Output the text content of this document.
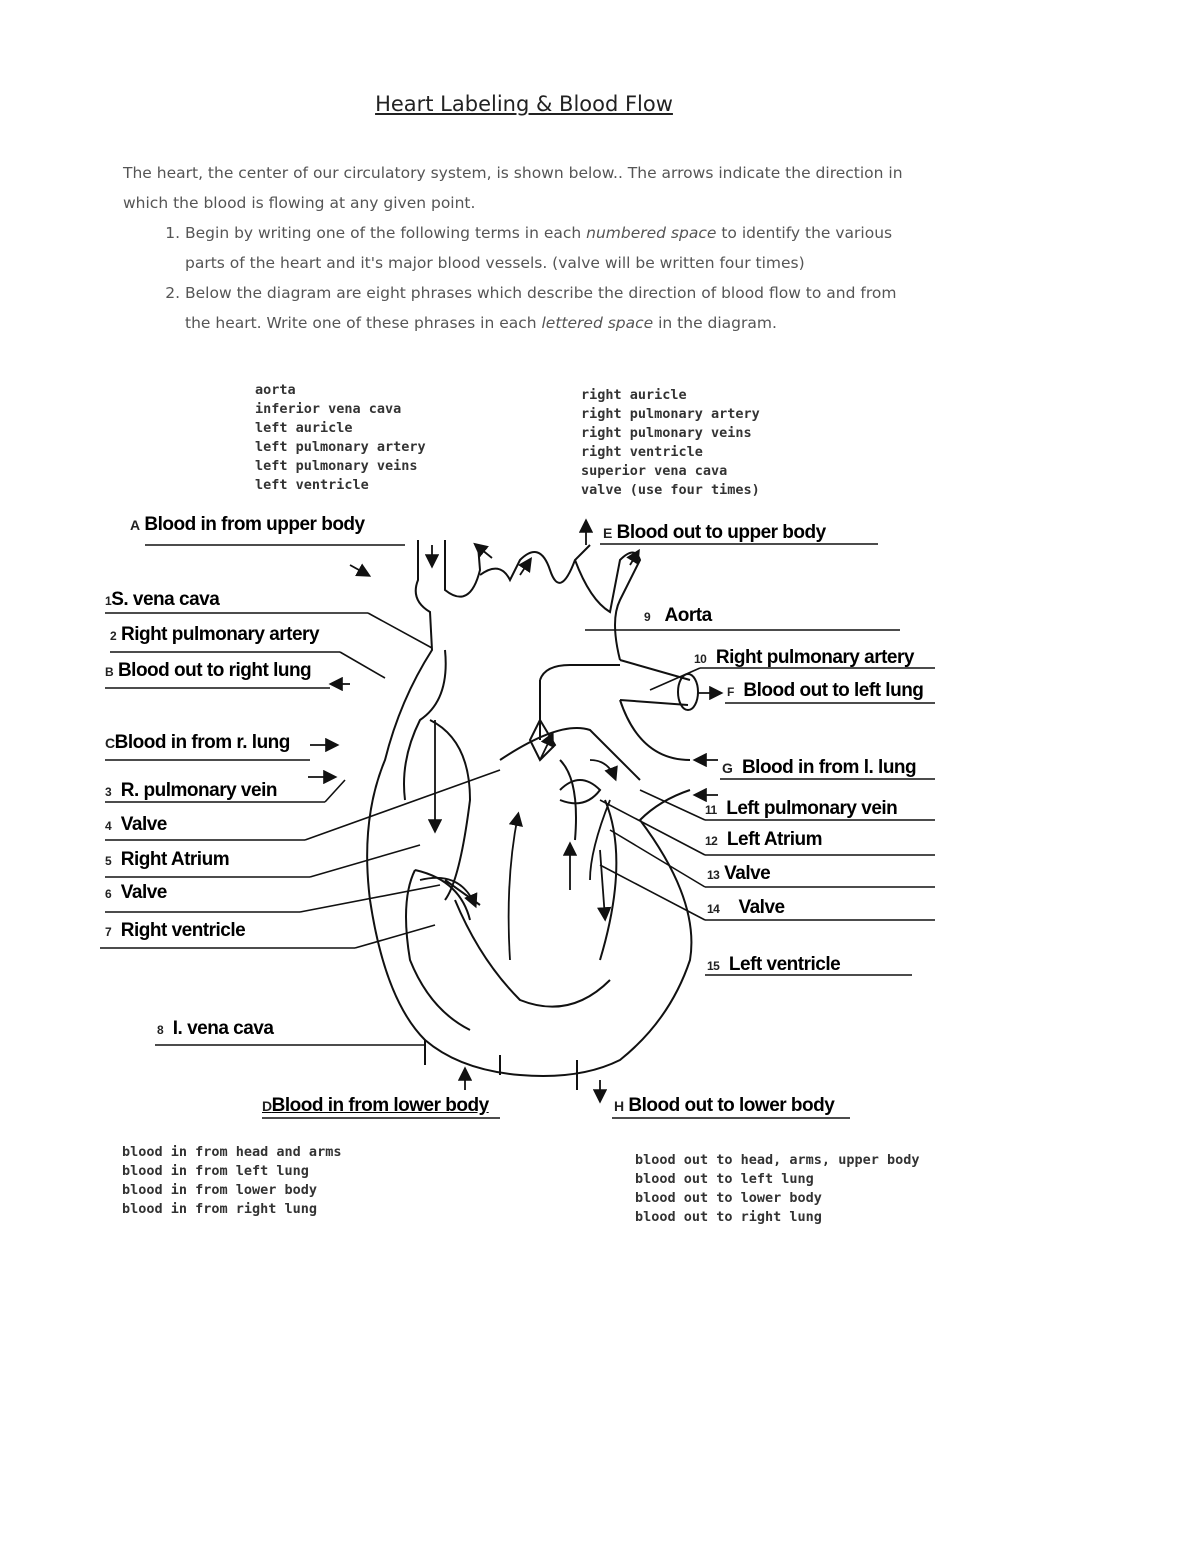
Heart Labeling & Blood Flow

The heart, the center of our circulatory system, is shown below.. The arrows indicate the direction in which the blood is flowing at any given point.

1. Begin by writing one of the following terms in each numbered space to identify the various parts of the heart and it's major blood vessels. (valve will be written four times)
2. Below the diagram are eight phrases which describe the direction of blood flow to and from the heart. Write one of these phrases in each lettered space in the diagram.
aorta
inferior vena cava
left auricle
left pulmonary artery
left pulmonary veins
left ventricle
right auricle
right pulmonary artery
right pulmonary veins
right ventricle
superior vena cava
valve (use four times)
A Blood in from upper body
1S. vena cava
2 Right pulmonary artery
B Blood out to right lung
CBlood in from r. lung
3 R. pulmonary vein
4 Valve
5 Right Atrium
6 Valve
7 Right ventricle
8 I. vena cava
DBlood in from lower body
E Blood out to upper body
9 Aorta
10 Right pulmonary artery
F Blood out to left lung
G Blood in from l. lung
11 Left pulmonary vein
12 Left Atrium
13 Valve
14 Valve
15 Left ventricle
H Blood out to lower body
blood in from head and arms
blood in from left lung
blood in from lower body
blood in from right lung
blood out to head, arms, upper body
blood out to left lung
blood out to lower body
blood out to right lung
